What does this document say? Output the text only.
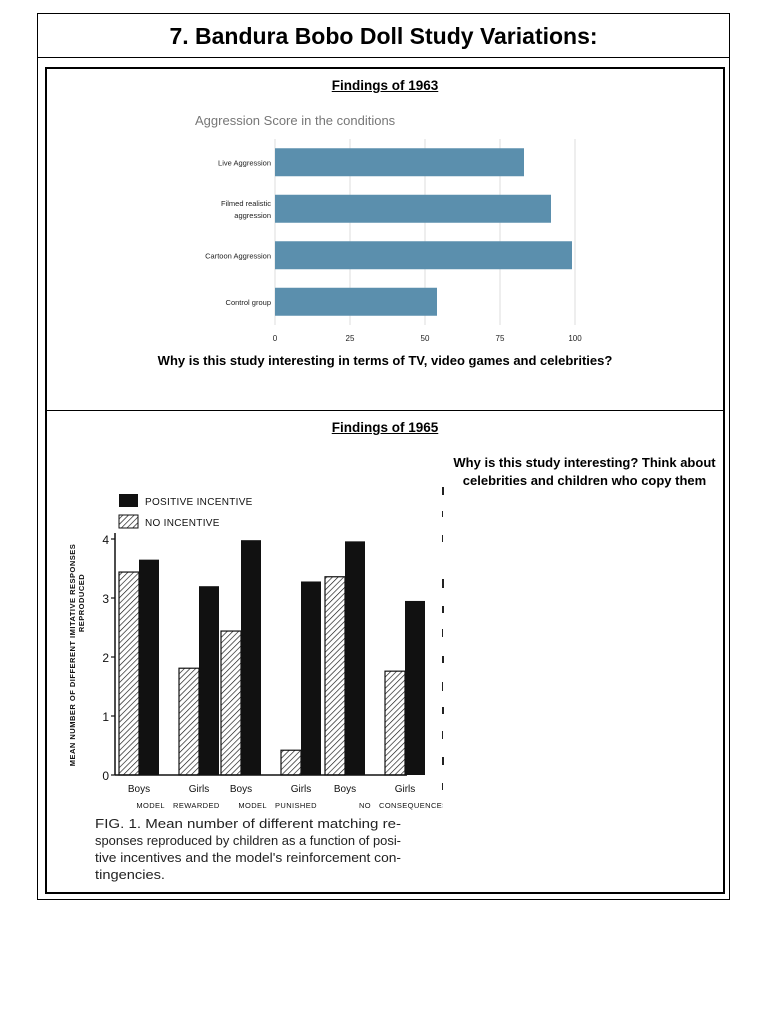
7. Bandura Bobo Doll Study Variations:
Findings of 1963
Aggression Score in the conditions
0	25	50	75	100
Live Aggression
Filmed realistic
aggression
Cartoon Aggression
Control group
Why is this study interesting in terms of TV, video games and celebrities?
Findings of 1965
Why is this study interesting? Think about celebrities and children who copy them
MEAN NUMBER OF DIFFERENT IMITATIVE RESPONSES REPRODUCED
0
1
2
3
4
POSITIVE INCENTIVE
NO INCENTIVE
Boys	Girls
MODEL REWARDED
Boys	Girls
MODEL PUNISHED
Boys	Girls
NO CONSEQUENCES
FIG. 1. Mean number of different matching re-
sponses reproduced by children as a function of posi-
tive incentives and the model's reinforcement con-
tingencies.
